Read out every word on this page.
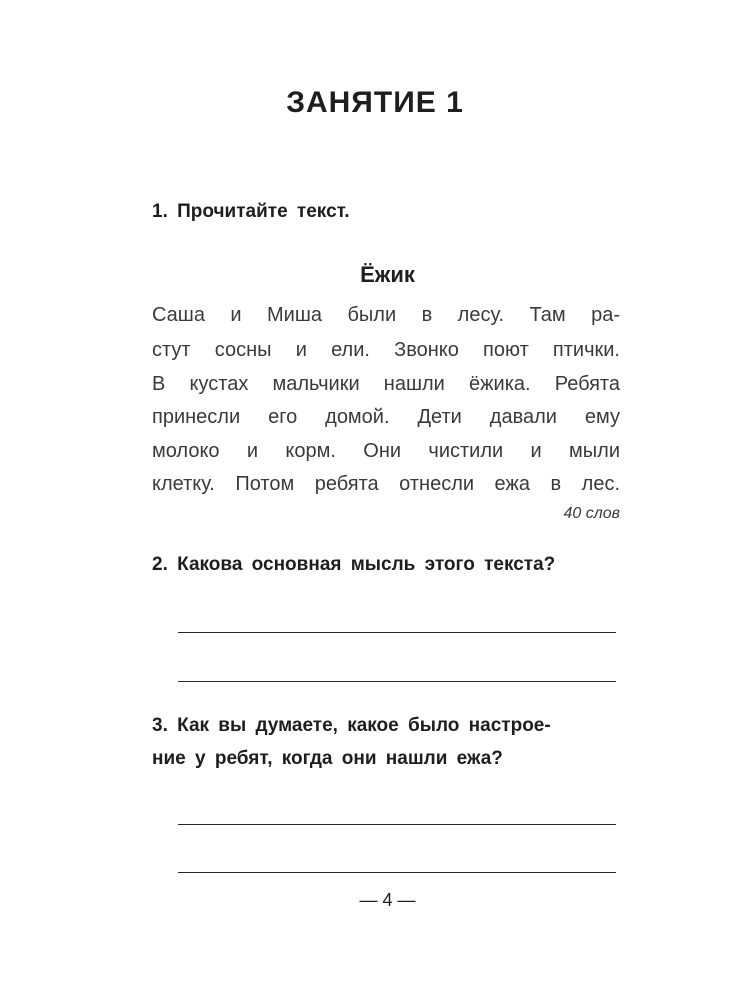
ЗАНЯТИЕ 1

1. Прочитайте текст.

Ёжик

Саша и Миша были в лесу. Там ра-

стут сосны и ели. Звонко поют птички.

В кустах мальчики нашли ёжика. Ребята

принесли его домой. Дети давали ему

молоко и корм. Они чистили и мыли

клетку. Потом ребята отнесли ежа в лес.

40 слов

2. Какова основная мысль этого текста?

3. Как вы думаете, какое было настрое-

ние у ребят, когда они нашли ежа?

— 4 —
